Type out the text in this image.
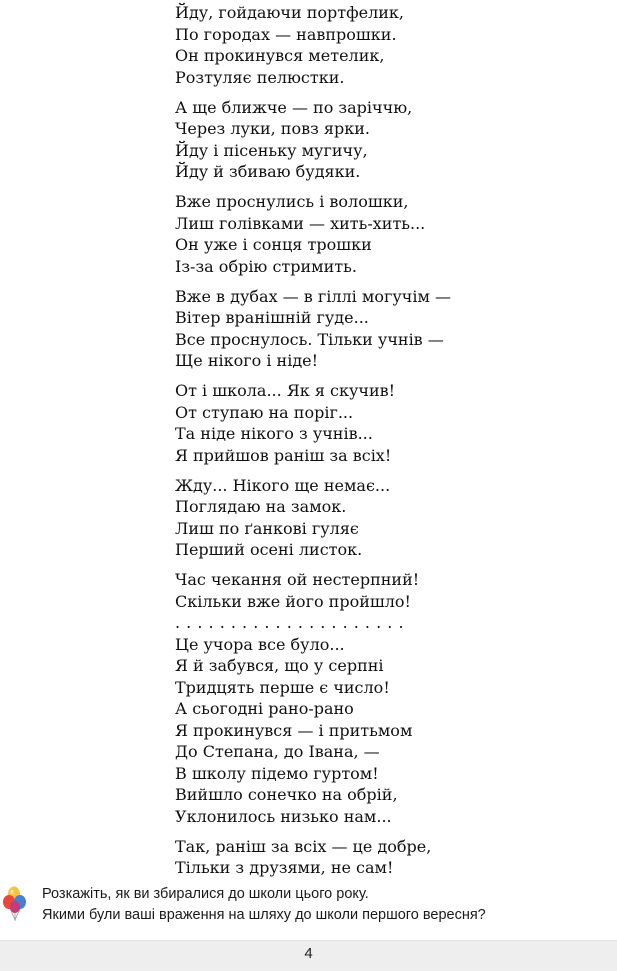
Йду, гойдаючи портфелик,
По городах — навпрошки.
Он прокинувся метелик,
Розтуляє пелюстки.
А ще ближче — по заріччю,
Через луки, повз ярки.
Йду і пісеньку мугичу,
Йду й збиваю будяки.
Вже проснулись і волошки,
Лиш голівками — хить-хить...
Он уже і сонця трошки
Із-за обрію стримить.
Вже в дубах — в гіллі могучім —
Вітер вранішній гуде...
Все проснулось. Тільки учнів —
Ще нікого і ніде!
От і школа... Як я скучив!
От ступаю на поріг...
Та ніде нікого з учнів...
Я прийшов раніш за всіх!
Жду... Нікого ще немає...
Поглядаю на замок.
Лиш по ґанкові гуляє
Перший осені листок.
Час чекання ой нестерпний!
Скільки вже його пройшло!
. . . . . . . . . . . . . . . . . . . . .
Це учора все було...
Я й забувся, що у серпні
Тридцять перше є число!
А сьогодні рано-рано
Я прокинувся — і притьмом
До Степана, до Івана, —
В школу підемо гуртом!
Вийшло сонечко на обрій,
Уклонилось низько нам...
Так, раніш за всіх — це добре,
Тільки з друзями, не сам!
Розкажіть, як ви збиралися до школи цього року.
Якими були ваші враження на шляху до школи першого вересня?
4
